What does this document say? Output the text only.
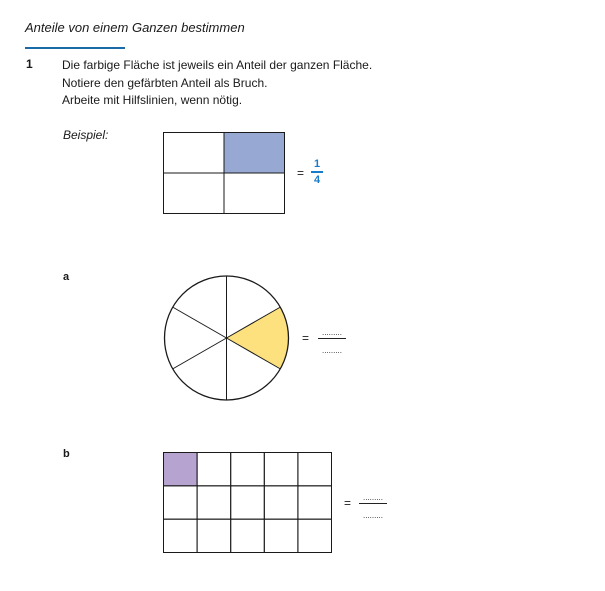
Anteile von einem Ganzen bestimmen
1 Die farbige Fläche ist jeweils ein Anteil der ganzen Fläche.
Notiere den gefärbten Anteil als Bruch.
Arbeite mit Hilfslinien, wenn nötig.
Beispiel:
=
1
4
a
=	.........
.........
b
=	.........
.........
